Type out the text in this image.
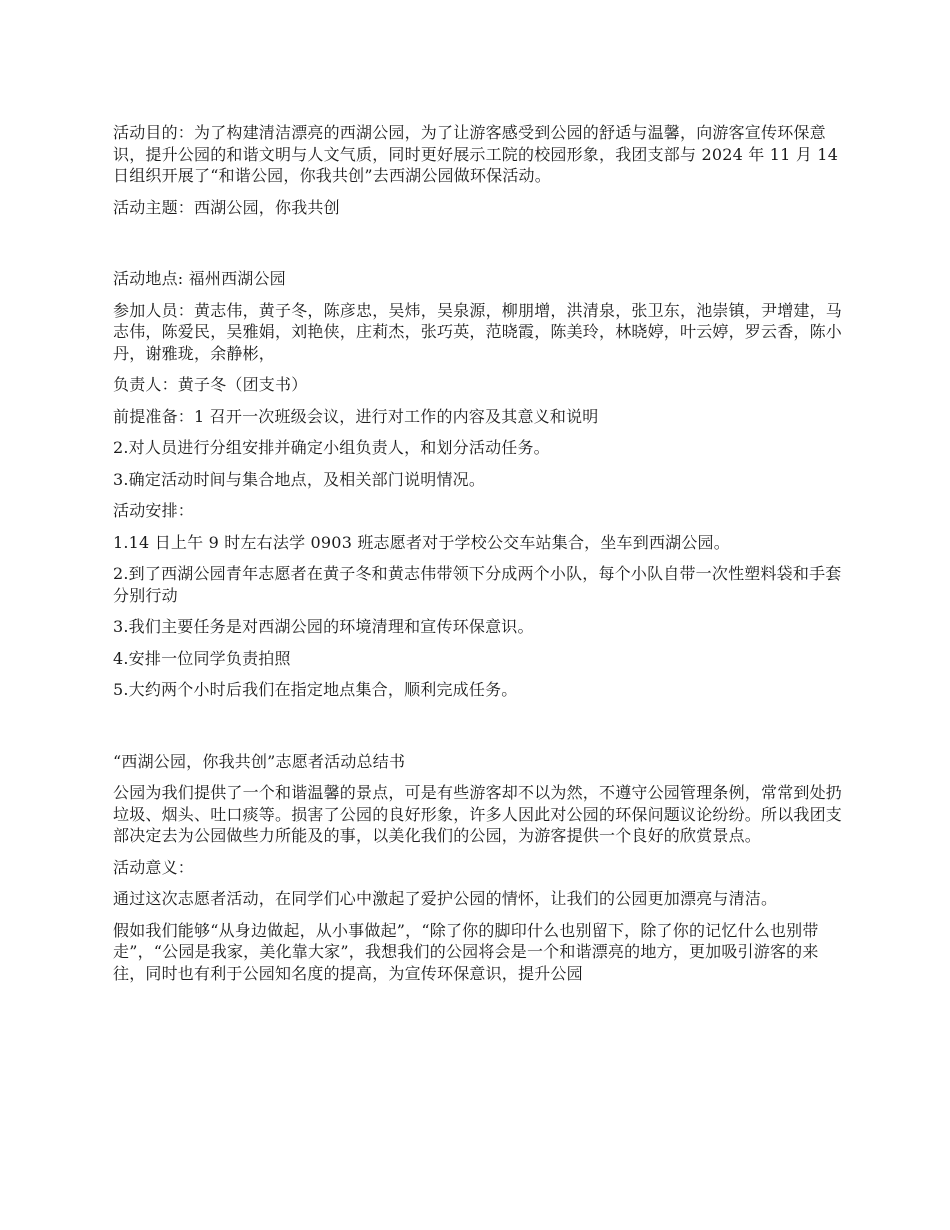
活动目的：为了构建清洁漂亮的西湖公园，为了让游客感受到公园的舒适与温馨，向游客宣传环保意识，提升公园的和谐文明与人文气质，同时更好展示工院的校园形象，我团支部与 2024 年 11 月 14 日组织开展了“和谐公园，你我共创”去西湖公园做环保活动。

活动主题：西湖公园，你我共创

活动地点: 福州西湖公园

参加人员：黄志伟，黄子冬，陈彦忠，吴炜，吴泉源，柳朋增，洪清泉，张卫东，池崇镇，尹增建，马志伟，陈爱民，吴雅娟，刘艳侠，庄莉杰，张巧英，范晓霞，陈美玲，林晓婷，叶云婷，罗云香，陈小丹，谢雅珑，余静彬，

负责人：黄子冬（团支书）

前提准备：1 召开一次班级会议，进行对工作的内容及其意义和说明

2.对人员进行分组安排并确定小组负责人，和划分活动任务。

3.确定活动时间与集合地点，及相关部门说明情况。

活动安排：

1.14 日上午 9 时左右法学 0903 班志愿者对于学校公交车站集合，坐车到西湖公园。

2.到了西湖公园青年志愿者在黄子冬和黄志伟带领下分成两个小队，每个小队自带一次性塑料袋和手套分别行动

3.我们主要任务是对西湖公园的环境清理和宣传环保意识。

4.安排一位同学负责拍照

5.大约两个小时后我们在指定地点集合，顺利完成任务。

“西湖公园，你我共创”志愿者活动总结书

公园为我们提供了一个和谐温馨的景点，可是有些游客却不以为然，不遵守公园管理条例，常常到处扔垃圾、烟头、吐口痰等。损害了公园的良好形象，许多人因此对公园的环保问题议论纷纷。所以我团支部决定去为公园做些力所能及的事，以美化我们的公园，为游客提供一个良好的欣赏景点。

活动意义：

通过这次志愿者活动，在同学们心中激起了爱护公园的情怀，让我们的公园更加漂亮与清洁。

假如我们能够“从身边做起，从小事做起”，“除了你的脚印什么也别留下，除了你的记忆什么也别带走”，“公园是我家，美化靠大家”，我想我们的公园将会是一个和谐漂亮的地方，更加吸引游客的来往，同时也有利于公园知名度的提高，为宣传环保意识，提升公园
